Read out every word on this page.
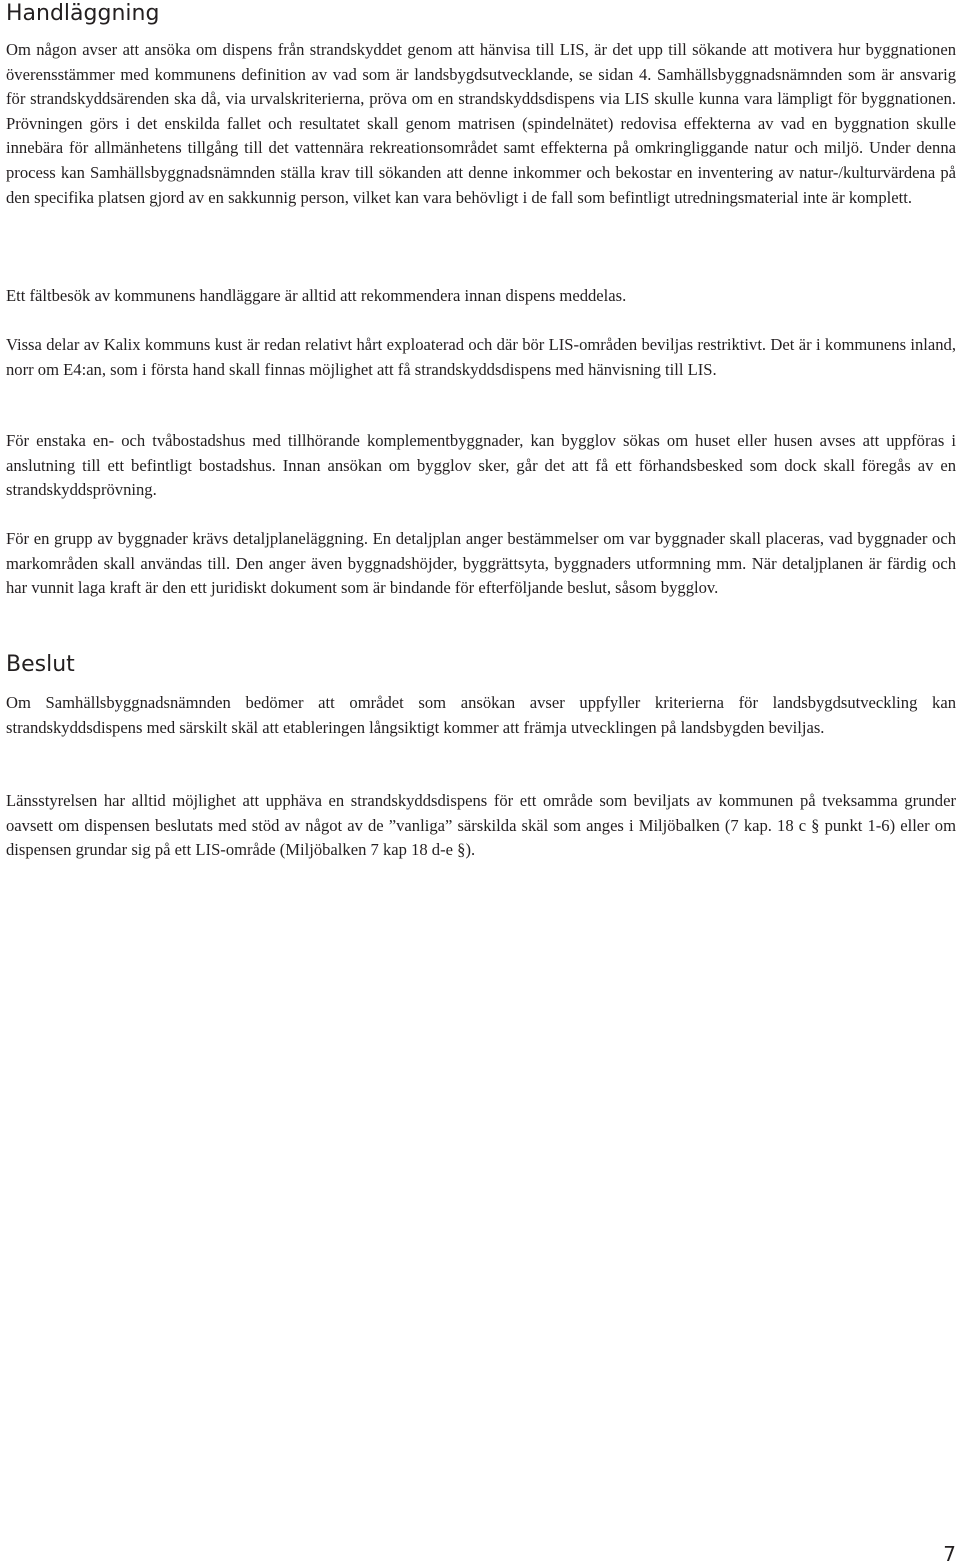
Handläggning

Om någon avser att ansöka om dispens från strandskyddet genom att hänvisa till LIS, är det upp till sökande att motivera hur byggnationen överensstämmer med kommunens definition av vad som är landsbygdsutvecklande, se sidan 4. Samhällsbyggnadsnämnden som är ansvarig för strandskyddsärenden ska då, via urvalskriterierna, pröva om en strandskyddsdispens via LIS skulle kunna vara lämpligt för byggnationen. Prövningen görs i det enskilda fallet och resultatet skall genom matrisen (spindelnätet) redovisa effekterna av vad en byggnation skulle innebära för allmänhetens tillgång till det vattennära rekreationsområdet samt effekterna på omkringliggande natur och miljö. Under denna process kan Samhällsbyggnadsnämnden ställa krav till sökanden att denne inkommer och bekostar en inventering av natur-/kulturvärdena på den specifika platsen gjord av en sakkunnig person, vilket kan vara behövligt i de fall som befintligt utredningsmaterial inte är komplett.

Ett fältbesök av kommunens handläggare är alltid att rekommendera innan dispens meddelas.

Vissa delar av Kalix kommuns kust är redan relativt hårt exploaterad och där bör LIS-områden beviljas restriktivt. Det är i kommunens inland, norr om E4:an, som i första hand skall finnas möjlighet att få strandskyddsdispens med hänvisning till LIS.

För enstaka en- och tvåbostadshus med tillhörande komplementbyggnader, kan bygglov sökas om huset eller husen avses att uppföras i anslutning till ett befintligt bostadshus. Innan ansökan om bygglov sker, går det att få ett förhandsbesked som dock skall föregås av en strandskyddsprövning.

För en grupp av byggnader krävs detaljplaneläggning. En detaljplan anger bestämmelser om var byggnader skall placeras, vad byggnader och markområden skall användas till. Den anger även byggnadshöjder, byggrättsyta, byggnaders utformning mm. När detaljplanen är färdig och har vunnit laga kraft är den ett juridiskt dokument som är bindande för efterföljande beslut, såsom bygglov.

Beslut

Om Samhällsbyggnadsnämnden bedömer att området som ansökan avser uppfyller kriterierna för landsbygdsutveckling kan strandskyddsdispens med särskilt skäl att etableringen långsiktigt kommer att främja utvecklingen på landsbygden beviljas.

Länsstyrelsen har alltid möjlighet att upphäva en strandskyddsdispens för ett område som beviljats av kommunen på tveksamma grunder oavsett om dispensen beslutats med stöd av något av de ”vanliga” särskilda skäl som anges i Miljöbalken (7 kap. 18 c § punkt 1-6) eller om dispensen grundar sig på ett LIS-område (Miljöbalken 7 kap 18 d-e §).

7
